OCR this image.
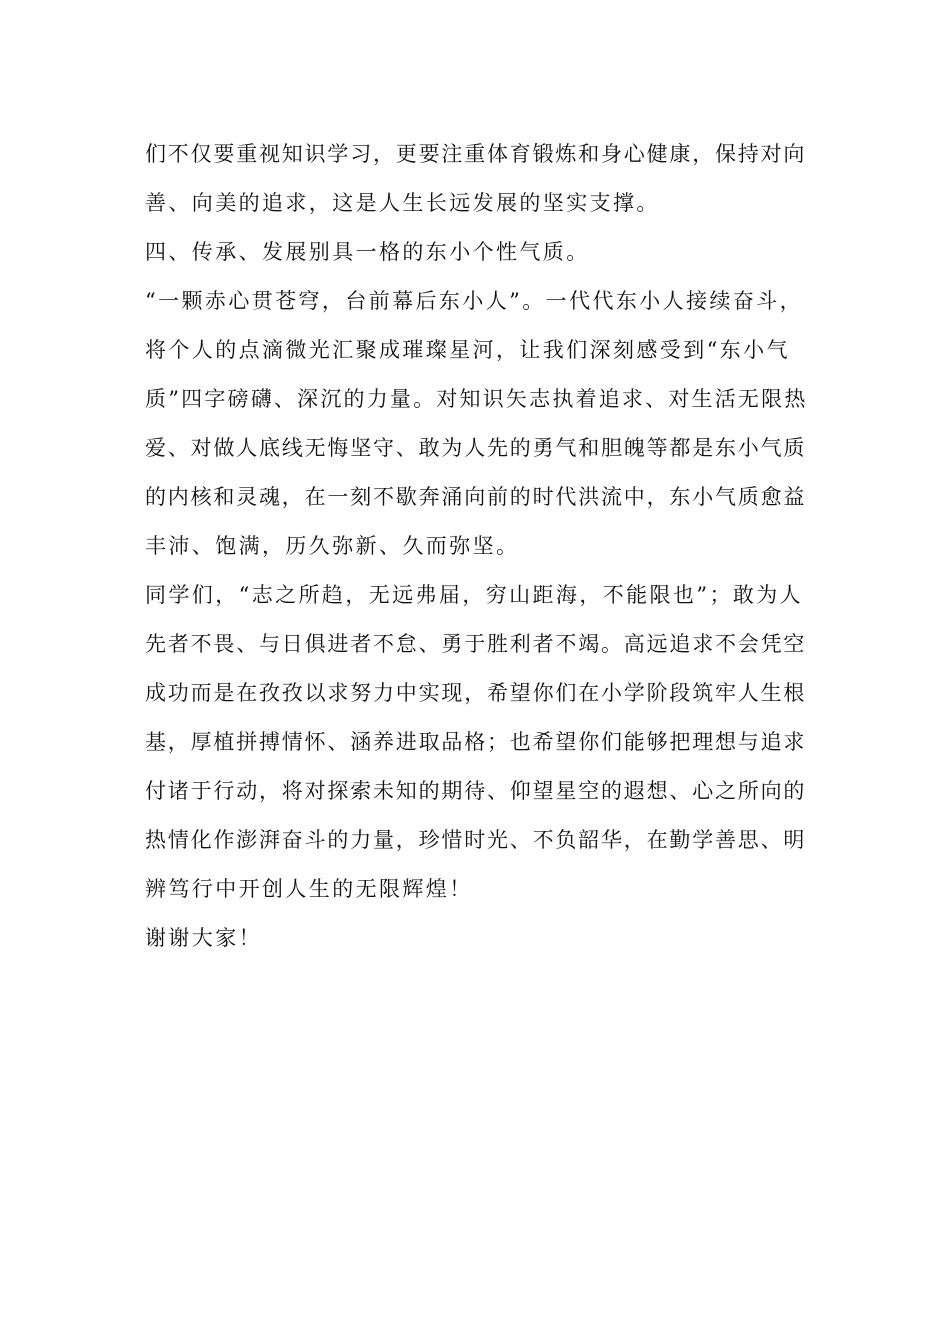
们不仅要重视知识学习，更要注重体育锻炼和身心健康，保持对向
善、向美的追求，这是人生长远发展的坚实支撑。

四、传承、发展别具一格的东小个性气质。

“一颗赤心贯苍穹，台前幕后东小人”。一代代东小人接续奋斗，
将个人的点滴微光汇聚成璀璨星河，让我们深刻感受到“东小气
质”四字磅礴、深沉的力量。对知识矢志执着追求、对生活无限热
爱、对做人底线无悔坚守、敢为人先的勇气和胆魄等都是东小气质
的内核和灵魂，在一刻不歇奔涌向前的时代洪流中，东小气质愈益
丰沛、饱满，历久弥新、久而弥坚。

同学们，“志之所趋，无远弗届，穷山距海，不能限也”；敢为人
先者不畏、与日俱进者不怠、勇于胜利者不竭。高远追求不会凭空
成功而是在孜孜以求努力中实现，希望你们在小学阶段筑牢人生根
基，厚植拼搏情怀、涵养进取品格；也希望你们能够把理想与追求
付诸于行动，将对探索未知的期待、仰望星空的遐想、心之所向的
热情化作澎湃奋斗的力量，珍惜时光、不负韶华，在勤学善思、明
辨笃行中开创人生的无限辉煌！

谢谢大家！
